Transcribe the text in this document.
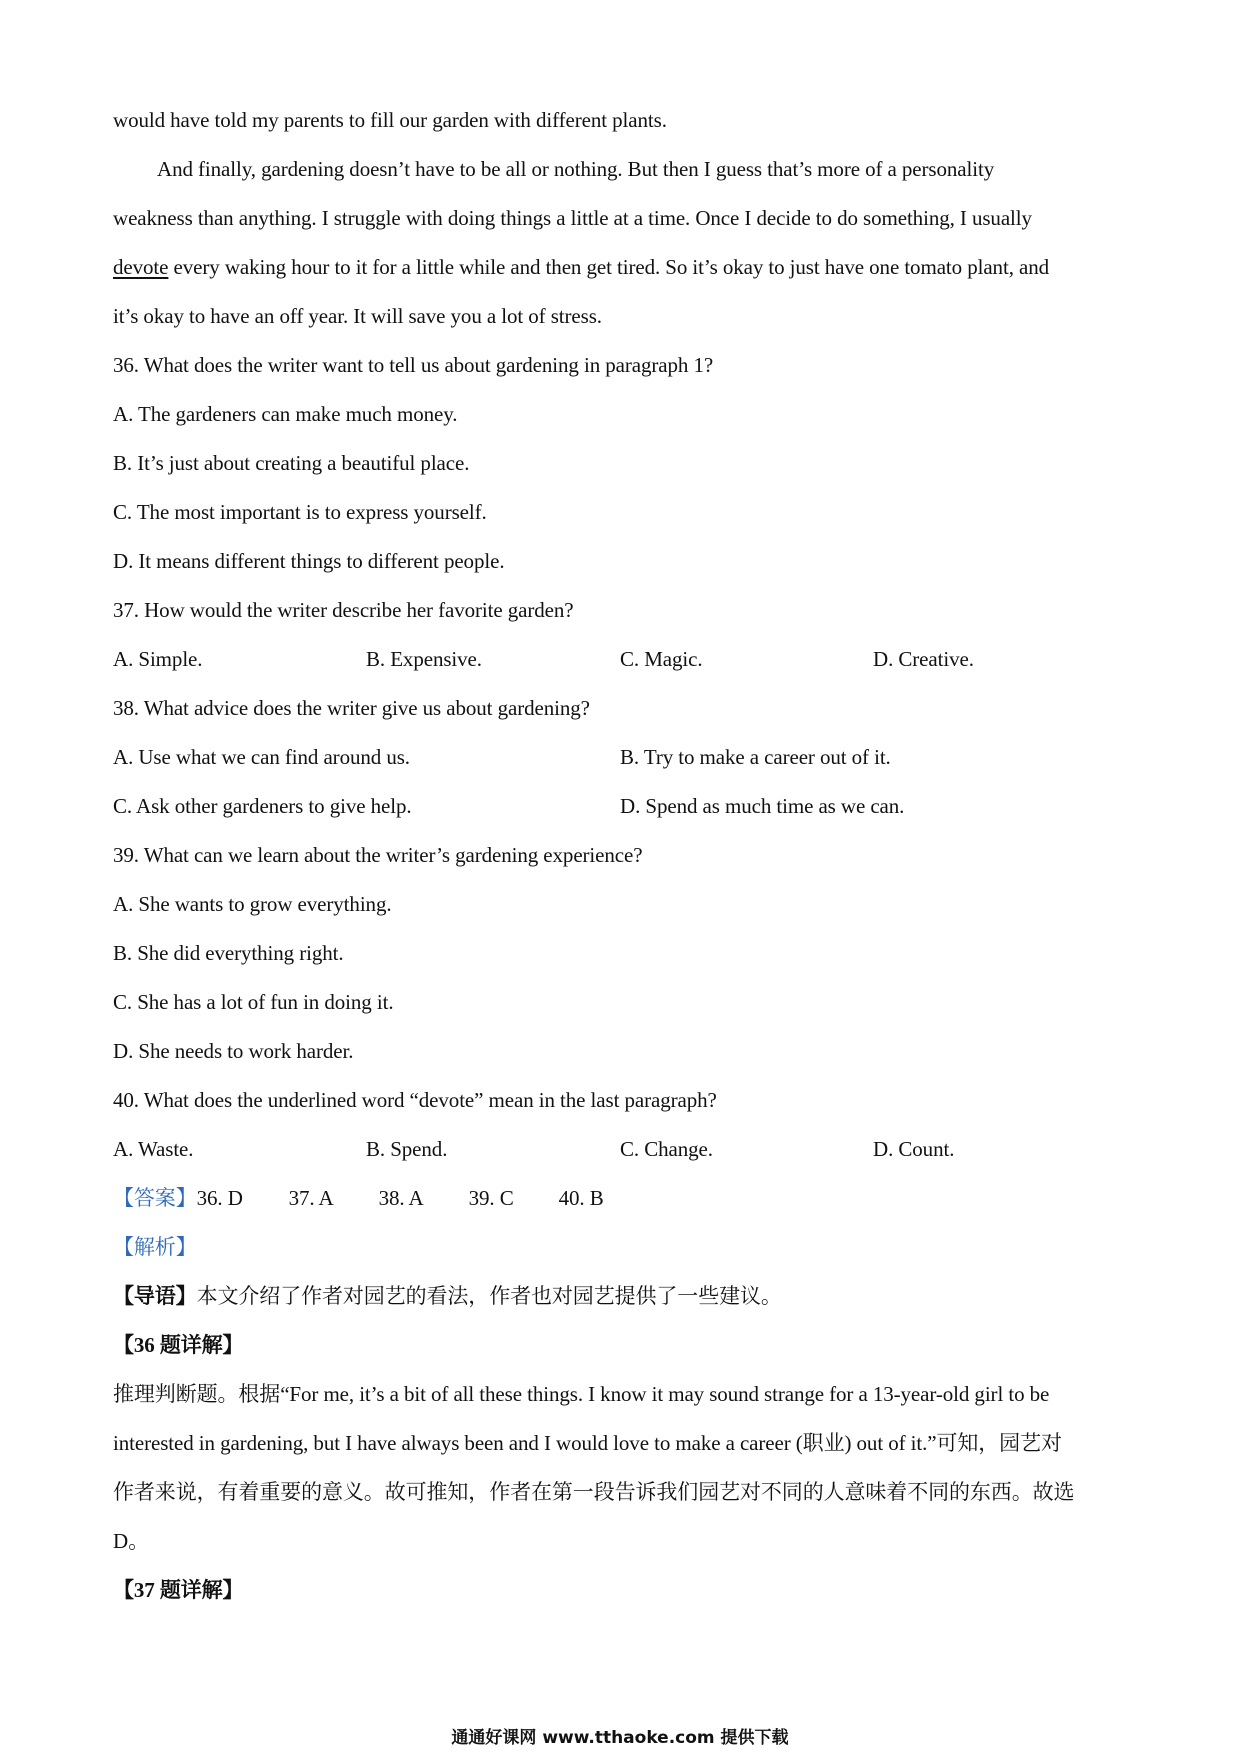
would have told my parents to fill our garden with different plants.
And finally, gardening doesn’t have to be all or nothing. But then I guess that’s more of a personality
weakness than anything. I struggle with doing things a little at a time. Once I decide to do something, I usually
devote every waking hour to it for a little while and then get tired. So it’s okay to just have one tomato plant, and
it’s okay to have an off year. It will save you a lot of stress.
36. What does the writer want to tell us about gardening in paragraph 1?
A. The gardeners can make much money.
B. It’s just about creating a beautiful place.
C. The most important is to express yourself.
D. It means different things to different people.
37. How would the writer describe her favorite garden?
A. Simple.	B. Expensive.	C. Magic.	D. Creative.
38. What advice does the writer give us about gardening?
A. Use what we can find around us.	B. Try to make a career out of it.
C. Ask other gardeners to give help.	D. Spend as much time as we can.
39. What can we learn about the writer’s gardening experience?
A. She wants to grow everything.
B. She did everything right.
C. She has a lot of fun in doing it.
D. She needs to work harder.
40. What does the underlined word “devote” mean in the last paragraph?
A. Waste.	B. Spend.	C. Change.	D. Count.
【答案】36. D 37. A 38. A 39. C 40. B
【解析】
【导语】本文介绍了作者对园艺的看法，作者也对园艺提供了一些建议。
【36 题详解】
推理判断题。根据“For me, it’s a bit of all these things. I know it may sound strange for a 13-year-old girl to be
interested in gardening, but I have always been and I would love to make a career (职业) out of it.”可知，园艺对
作者来说，有着重要的意义。故可推知，作者在第一段告诉我们园艺对不同的人意味着不同的东西。故选
D。
【37 题详解】
通通好课网 www.tthaoke.com 提供下载
